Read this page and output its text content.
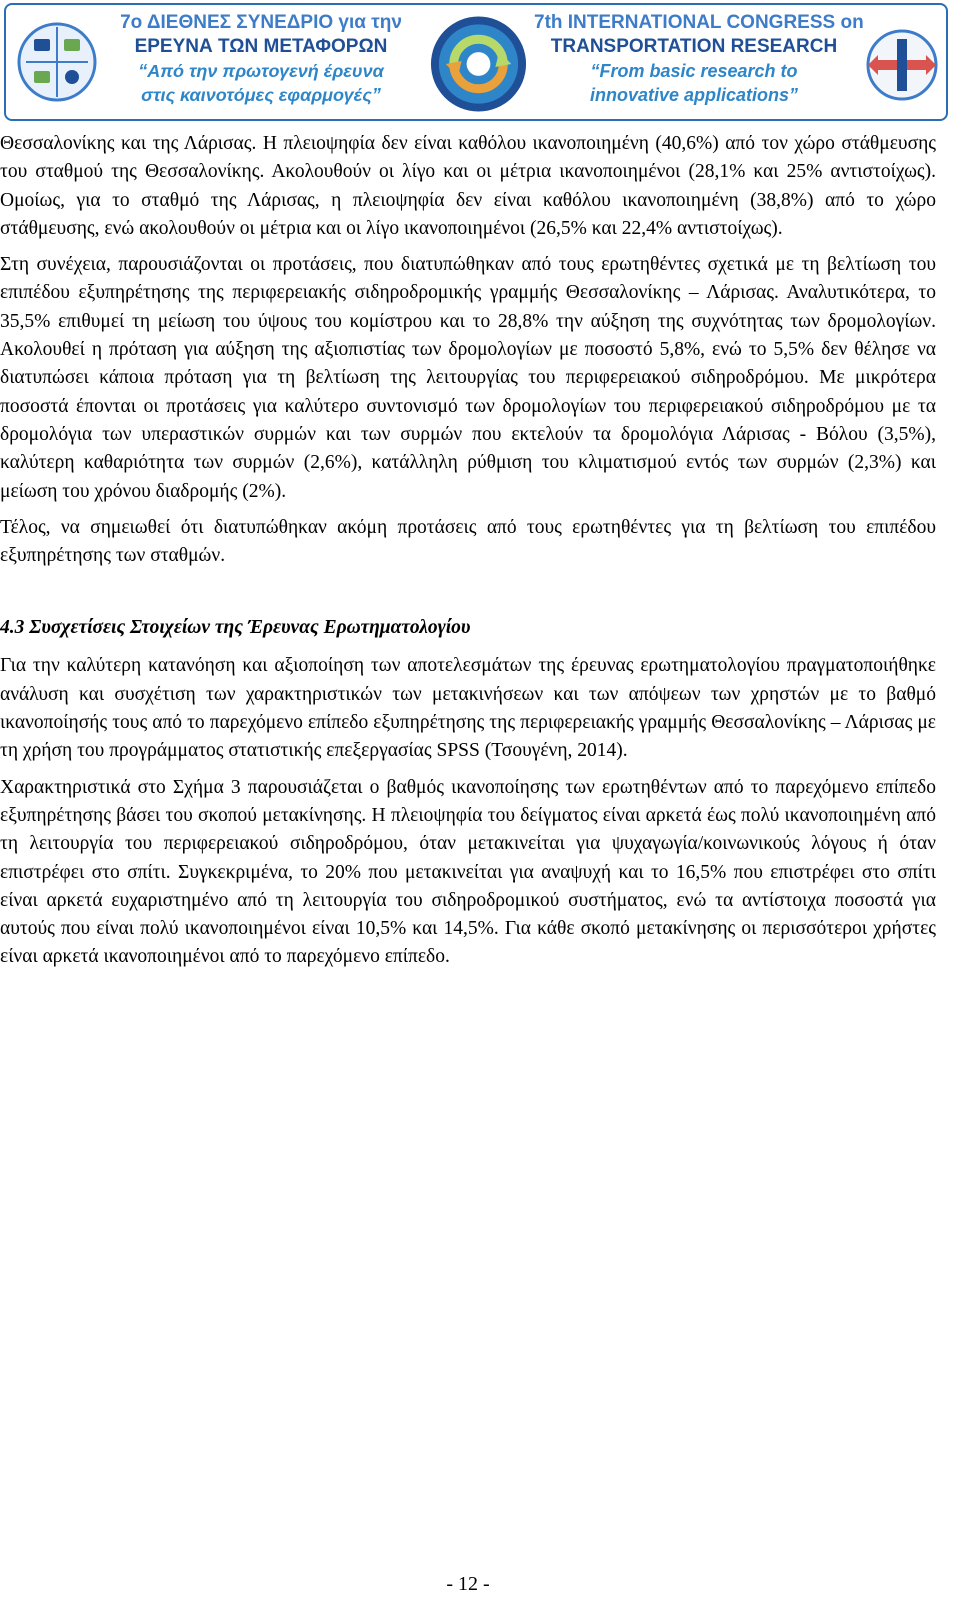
7ο ΔΙΕΘΝΕΣ ΣΥΝΕΔΡΙΟ για την
ΕΡΕΥΝΑ ΤΩΝ ΜΕΤΑΦΟΡΩΝ
“Από την πρωτογενή έρευνα
στις καινοτόμες εφαρμογές”
7th INTERNATIONAL CONGRESS on
TRANSPORTATION RESEARCH
“From basic research to
innovative applications”

Θεσσαλονίκης και της Λάρισας. Η πλειοψηφία δεν είναι καθόλου ικανοποιημένη (40,6%) από τον χώρο στάθμευσης του σταθμού της Θεσσαλονίκης. Ακολουθούν οι λίγο και οι μέτρια ικανοποιημένοι (28,1% και 25% αντιστοίχως). Ομοίως, για το σταθμό της Λάρισας, η πλειοψηφία δεν είναι καθόλου ικανοποιημένη (38,8%) από το χώρο στάθμευσης, ενώ ακολουθούν οι μέτρια και οι λίγο ικανοποιημένοι (26,5% και 22,4% αντιστοίχως).

Στη συνέχεια, παρουσιάζονται οι προτάσεις, που διατυπώθηκαν από τους ερωτηθέντες σχετικά με τη βελτίωση του επιπέδου εξυπηρέτησης της περιφερειακής σιδηροδρομικής γραμμής Θεσσαλονίκης – Λάρισας. Αναλυτικότερα, το 35,5% επιθυμεί τη μείωση του ύψους του κομίστρου και το 28,8% την αύξηση της συχνότητας των δρομολογίων. Ακολουθεί η πρόταση για αύξηση της αξιοπιστίας των δρομολογίων με ποσοστό 5,8%, ενώ το 5,5% δεν θέλησε να διατυπώσει κάποια πρόταση για τη βελτίωση της λειτουργίας του περιφερειακού σιδηροδρόμου. Με μικρότερα ποσοστά έπονται οι προτάσεις για καλύτερο συντονισμό των δρομολογίων του περιφερειακού σιδηροδρόμου με τα δρομολόγια των υπεραστικών συρμών και των συρμών που εκτελούν τα δρομολόγια Λάρισας - Βόλου (3,5%), καλύτερη καθαριότητα των συρμών (2,6%), κατάλληλη ρύθμιση του κλιματισμού εντός των συρμών (2,3%) και μείωση του χρόνου διαδρομής (2%).

Τέλος, να σημειωθεί ότι διατυπώθηκαν ακόμη προτάσεις από τους ερωτηθέντες για τη βελτίωση του επιπέδου εξυπηρέτησης των σταθμών.

4.3 Συσχετίσεις Στοιχείων της Έρευνας Ερωτηματολογίου

Για την καλύτερη κατανόηση και αξιοποίηση των αποτελεσμάτων της έρευνας ερωτηματολογίου πραγματοποιήθηκε ανάλυση και συσχέτιση των χαρακτηριστικών των μετακινήσεων και των απόψεων των χρηστών με το βαθμό ικανοποίησής τους από το παρεχόμενο επίπεδο εξυπηρέτησης της περιφερειακής γραμμής Θεσσαλονίκης – Λάρισας με τη χρήση του προγράμματος στατιστικής επεξεργασίας SPSS (Τσουγένη, 2014).

Χαρακτηριστικά στο Σχήμα 3 παρουσιάζεται ο βαθμός ικανοποίησης των ερωτηθέντων από το παρεχόμενο επίπεδο εξυπηρέτησης βάσει του σκοπού μετακίνησης. Η πλειοψηφία του δείγματος είναι αρκετά έως πολύ ικανοποιημένη από τη λειτουργία του περιφερειακού σιδηροδρόμου, όταν μετακινείται για ψυχαγωγία/κοινωνικούς λόγους ή όταν επιστρέφει στο σπίτι. Συγκεκριμένα, το 20% που μετακινείται για αναψυχή και το 16,5% που επιστρέφει στο σπίτι είναι αρκετά ευχαριστημένο από τη λειτουργία του σιδηροδρομικού συστήματος, ενώ τα αντίστοιχα ποσοστά για αυτούς που είναι πολύ ικανοποιημένοι είναι 10,5% και 14,5%. Για κάθε σκοπό μετακίνησης οι περισσότεροι χρήστες είναι αρκετά ικανοποιημένοι από το παρεχόμενο επίπεδο.

- 12 -
